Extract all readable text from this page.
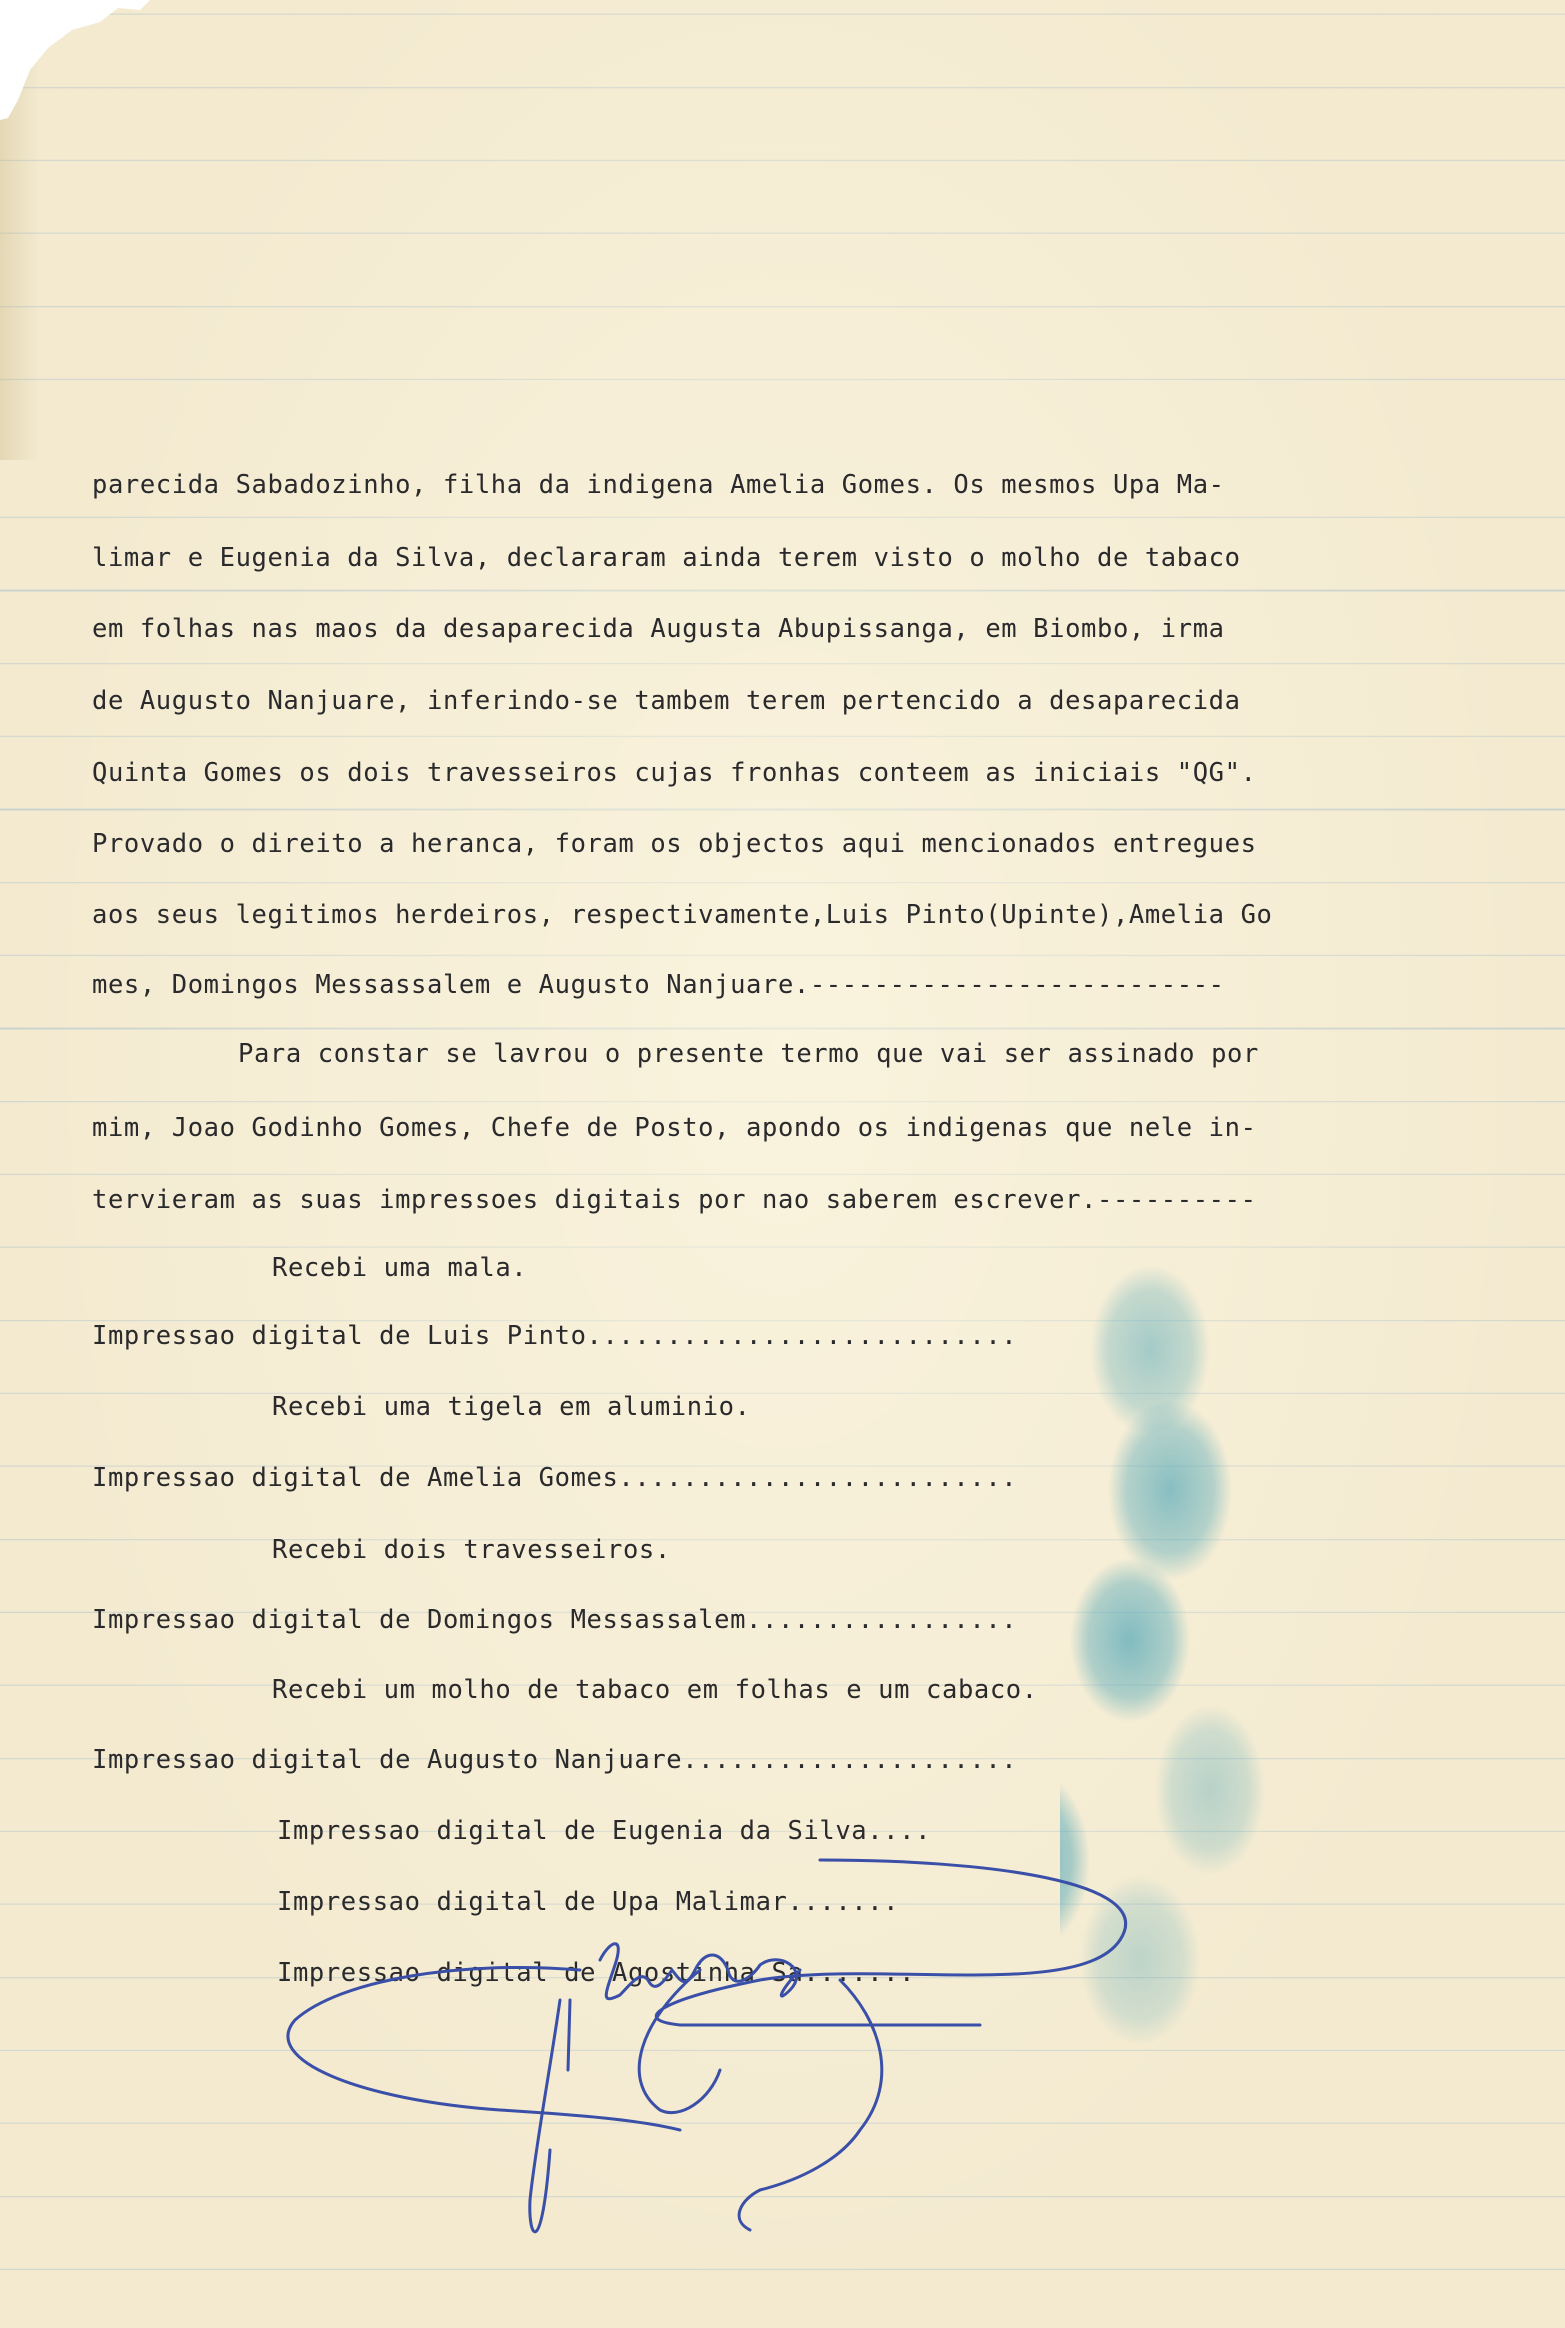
parecida Sabadozinho, filha da indigena Amelia Gomes. Os mesmos Upa Ma-
limar e Eugenia da Silva, declararam ainda terem visto o molho de tabaco
em folhas nas maos da desaparecida Augusta Abupissanga, em Biombo, irma
de Augusto Nanjuare, inferindo-se tambem terem pertencido a desaparecida
Quinta Gomes os dois travesseiros cujas fronhas conteem as iniciais "QG".
Provado o direito a heranca, foram os objectos aqui mencionados entregues
aos seus legitimos herdeiros, respectivamente,Luis Pinto(Upinte),Amelia Go
mes, Domingos Messassalem e Augusto Nanjuare.--------------------------
Para constar se lavrou o presente termo que vai ser assinado por
mim, Joao Godinho Gomes, Chefe de Posto, apondo os indigenas que nele in-
tervieram as suas impressoes digitais por nao saberem escrever.----------
Recebi uma mala.
Impressao digital de Luis Pinto...........................
Recebi uma tigela em aluminio.
Impressao digital de Amelia Gomes.........................
Recebi dois travesseiros.
Impressao digital de Domingos Messassalem.................
Recebi um molho de tabaco em folhas e um cabaco.
Impressao digital de Augusto Nanjuare.....................
Impressao digital de Eugenia da Silva....
Impressao digital de Upa Malimar.......
Impressao digital de Agostinha Sa.......
